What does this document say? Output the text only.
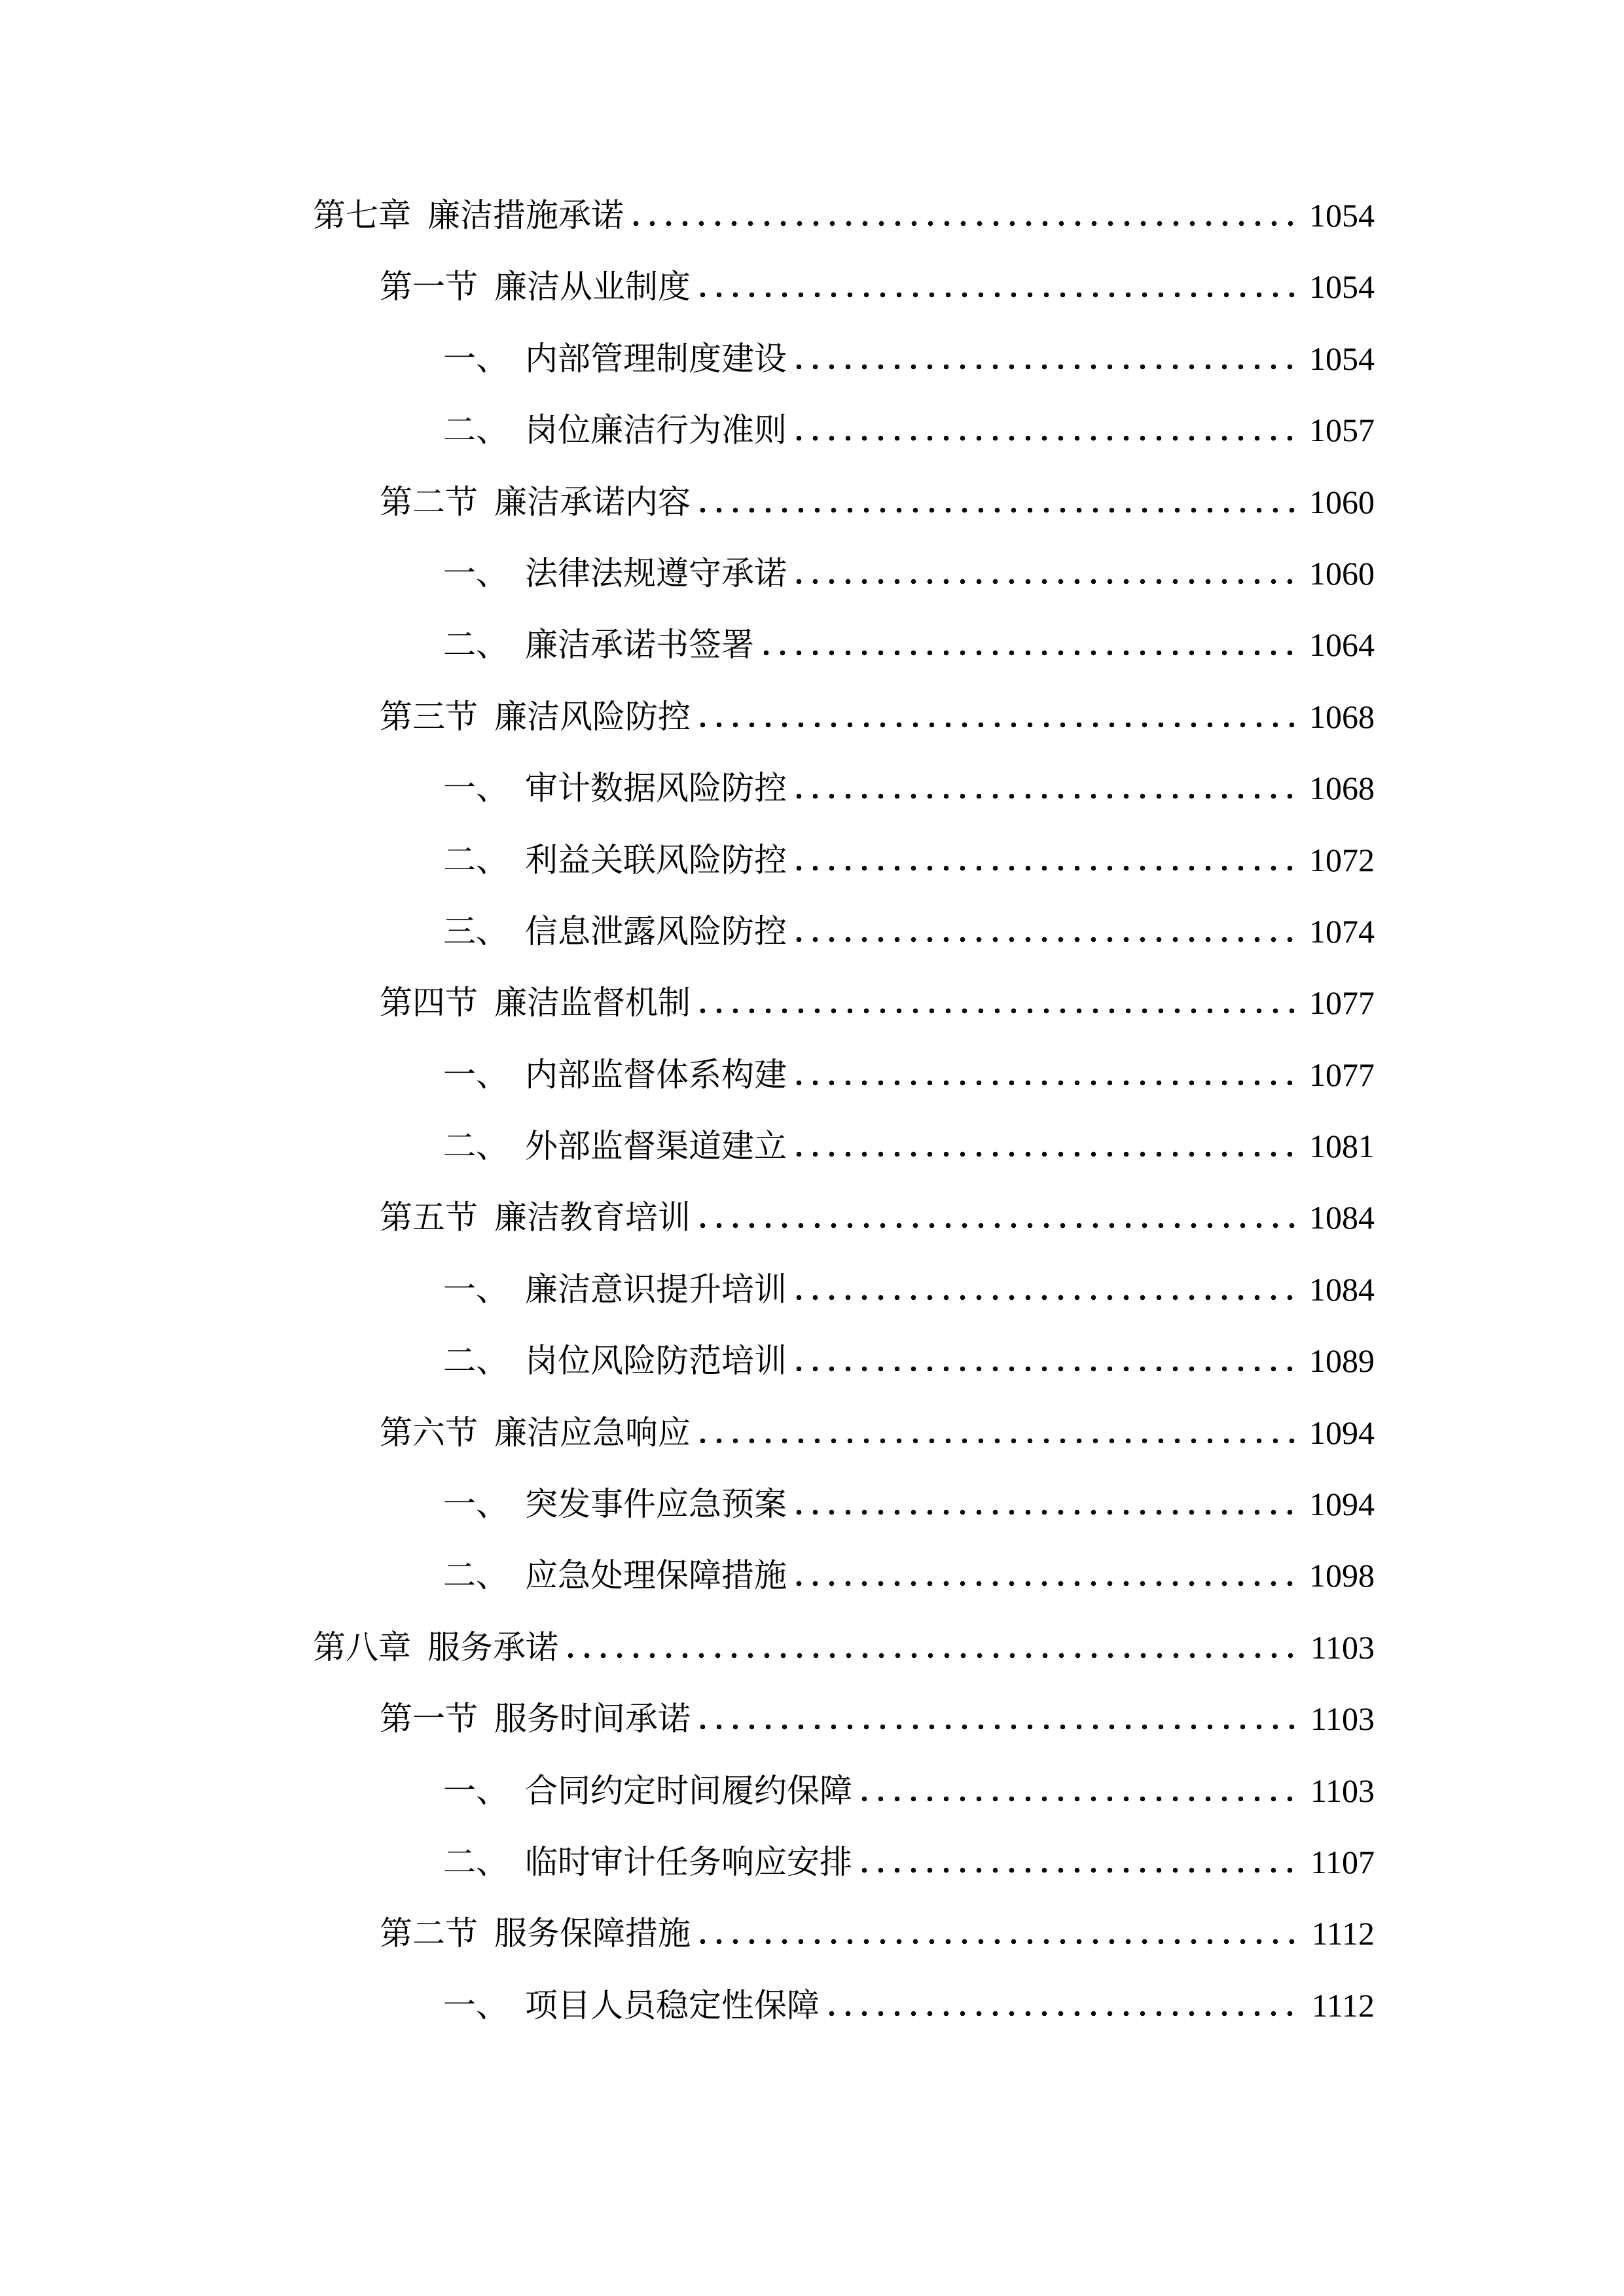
第七章 廉洁措施承诺	1054
第一节 廉洁从业制度	1054
一、 内部管理制度建设	1054
二、 岗位廉洁行为准则	1057
第二节 廉洁承诺内容	1060
一、 法律法规遵守承诺	1060
二、 廉洁承诺书签署	1064
第三节 廉洁风险防控	1068
一、 审计数据风险防控	1068
二、 利益关联风险防控	1072
三、 信息泄露风险防控	1074
第四节 廉洁监督机制	1077
一、 内部监督体系构建	1077
二、 外部监督渠道建立	1081
第五节 廉洁教育培训	1084
一、 廉洁意识提升培训	1084
二、 岗位风险防范培训	1089
第六节 廉洁应急响应	1094
一、 突发事件应急预案	1094
二、 应急处理保障措施	1098
第八章 服务承诺	1103
第一节 服务时间承诺	1103
一、 合同约定时间履约保障	1103
二、 临时审计任务响应安排	1107
第二节 服务保障措施	1112
一、 项目人员稳定性保障	1112
